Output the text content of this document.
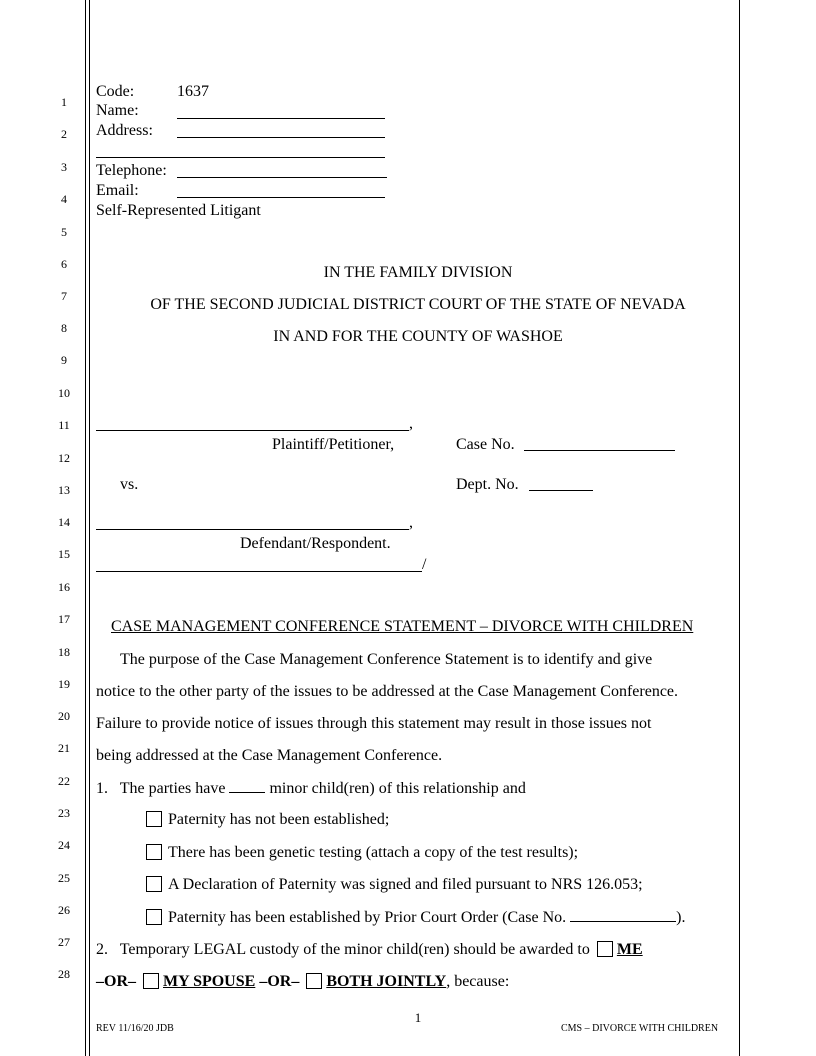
1
2
3
4
5
6
7
8
9
10
11
12
13
14
15
16
17
18
19
20
21
22
23
24
25
26
27
28
Code:	1637
Name:
Address:
Telephone:
Email:
Self-Represented Litigant
IN THE FAMILY DIVISION
OF THE SECOND JUDICIAL DISTRICT COURT OF THE STATE OF NEVADA
IN AND FOR THE COUNTY OF WASHOE
,
Plaintiff/Petitioner,	Case No.
vs.	Dept. No.
,
Defendant/Respondent.
/
CASE MANAGEMENT CONFERENCE STATEMENT – DIVORCE WITH CHILDREN
The purpose of the Case Management Conference Statement is to identify and give
notice to the other party of the issues to be addressed at the Case Management Conference.
Failure to provide notice of issues through this statement may result in those issues not
being addressed at the Case Management Conference.
1. The parties have	minor child(ren) of this relationship and
Paternity has not been established;
There has been genetic testing (attach a copy of the test results);
A Declaration of Paternity was signed and filed pursuant to NRS 126.053;
Paternity has been established by Prior Court Order (Case No.	).
2. Temporary LEGAL custody of the minor child(ren) should be awarded to ME
–OR– MY SPOUSE –OR– BOTH JOINTLY, because:
1
REV 11/16/20 JDB	CMS – DIVORCE WITH CHILDREN
